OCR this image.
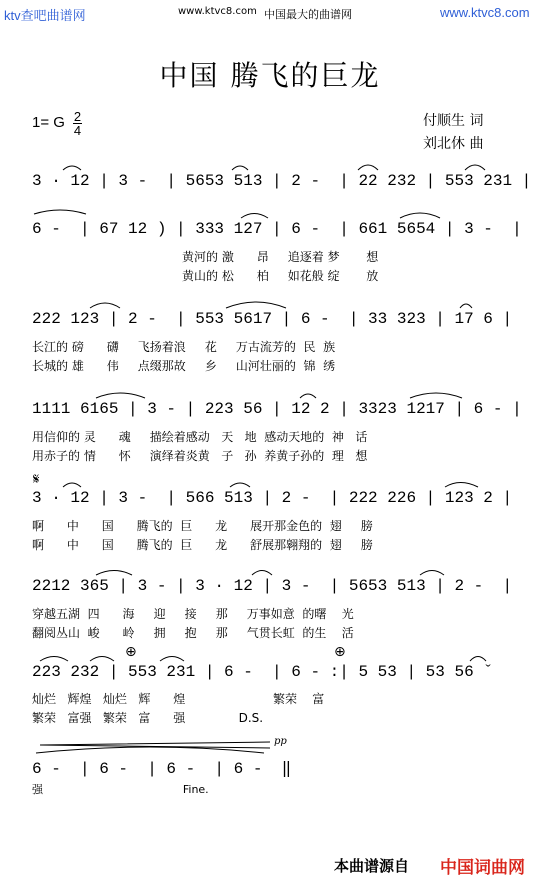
ktv查吧曲谱网	www.ktvc8.com 中国最大的曲谱网	www.ktvc8.com
中国 腾飞的巨龙
1= G 2
4
付顺生 词
刘北休 曲
3 · 12 | 3 -  | 5653 513 | 2 -  | 22 232 | 553 231 |
6 -  | 67 12 ) | 333 127 | 6 -  | 661 5654 | 3 -  |
黄河的 激      昂     追逐着 梦       想
黄山的 松      柏     如花般 绽       放
222 123 | 2 -  | 553 5617 | 6 -  | 33 323 | 17 6 |
长江的 磅      礴     飞扬着浪     花     万古流芳的  民  族
长城的 雄      伟     点缀那故     乡     山河壮丽的  锦  绣
1111 6165 | 3 - | 223 56 | 12 2 | 3323 1217 | 6 - |
用信仰的 灵      魂     描绘着感动   天   地  感动天地的  神   话
用赤子的 情      怀     演绎着炎黄   子   孙  养黄子孙的  理   想
𝄋
3 · 12 | 3 -  | 566 513 | 2 -  | 222 226 | 123 2 |
啊      中      国      腾飞的  巨      龙      展开那金色的  翅     膀
啊      中      国      腾飞的  巨      龙      舒展那翱翔的  翅     膀
2212 365 | 3 - | 3 · 12 | 3 -  | 5653 513 | 2 -  |
穿越五湖  四      海     迎     接     那     万事如意  的曙    光
翻阅丛山  峻      岭     拥     抱     那     气贯长虹  的生    活
⊕	⊕
223 232 | 553 231 | 6 -  | 6 - :| 5 53 | 53 56 ˇ
灿烂   辉煌   灿烂   辉      煌                       繁荣    富
繁荣   富强   繁荣   富      强              D.S.
pp
6 -  | 6 -  | 6 -  | 6 -  ‖
强                                        Fine.
本曲谱源自 中国词曲网
